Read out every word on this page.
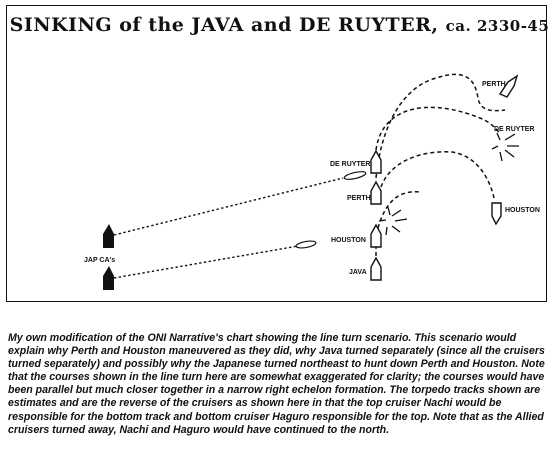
SINKING of the JAVA and DE RUYTER, ca. 2330-45
PERTH
DE RUYTER
DE RUYTER
PERTH
HOUSTON
HOUSTON
JAVA
JAP CA's

My own modification of the ONI Narrative's chart showing the line turn scenario. This scenario would explain why Perth and Houston maneuvered as they did, why Java turned separately (since all the cruisers turned separately) and possibly why the Japanese turned northeast to hunt down Perth and Houston. Note that the courses shown in the line turn here are somewhat exaggerated for clarity; the courses would have been parallel but much closer together in a narrow right echelon formation. The torpedo tracks shown are estimates and are the reverse of the cruisers as shown here in that the top cruiser Nachi would be responsible for the bottom track and bottom cruiser Haguro responsible for the top. Note that as the Allied cruisers turned away, Nachi and Haguro would have continued to the north.
